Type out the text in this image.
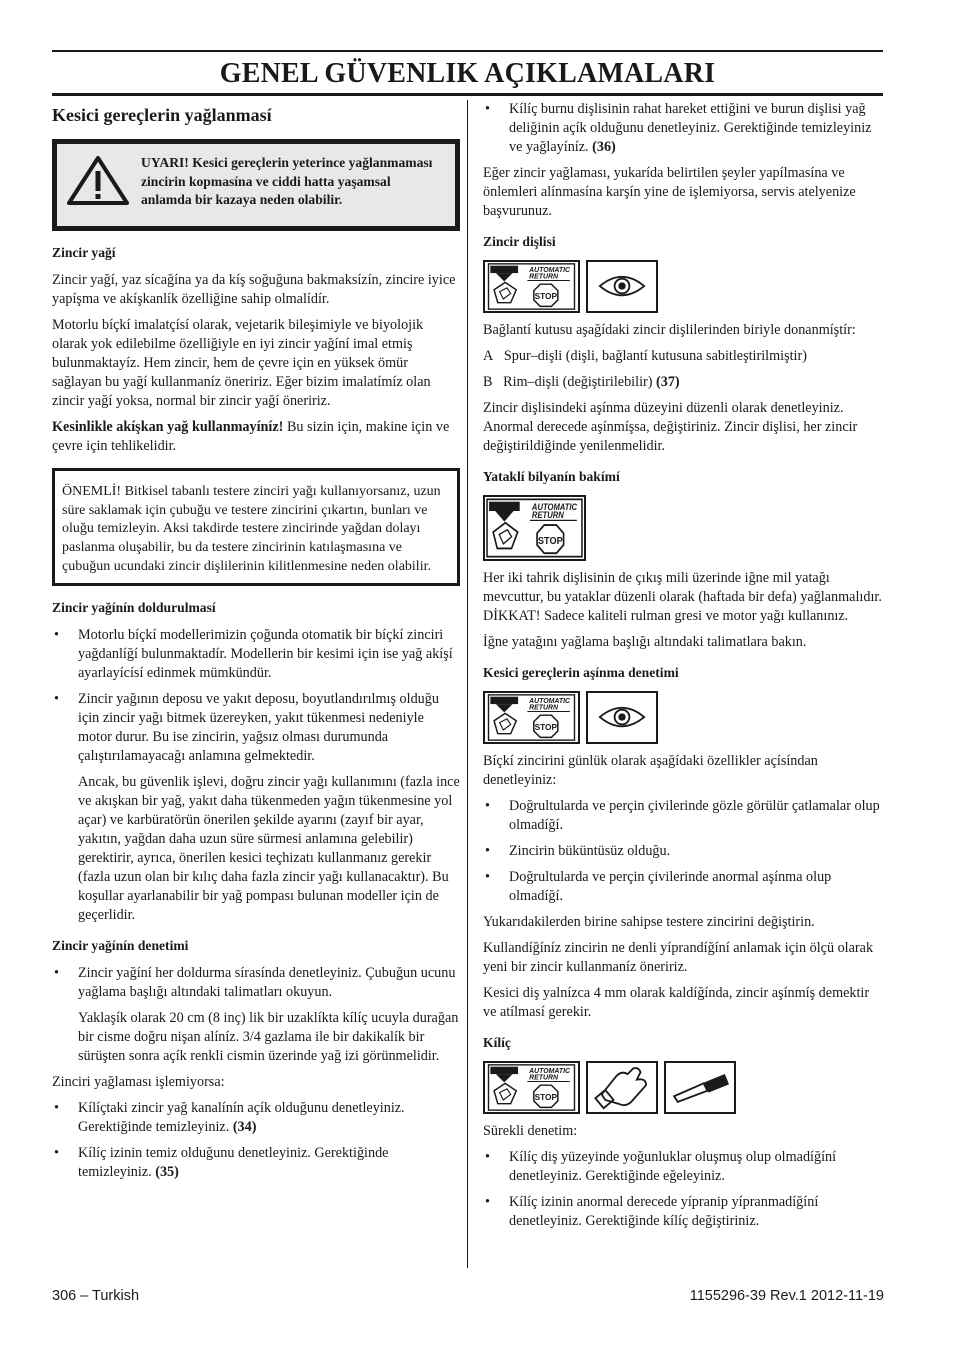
GENEL GÜVENLIK AÇIKLAMALARI
Kesici gereçlerin yağlanmasí
UYARI! Kesici gereçlerin yeterince yağlanmaması zincirin kopmasína ve ciddi hatta yaşamsal anlamda bir kazaya neden olabilir.
Zincir yağí

Zincir yağí, yaz sícağína ya da kíş soğuğuna bakmaksízín, zincire iyice yapíşma ve akíşkanlík özelliğine sahip olmalídír.

Motorlu bíçkí imalatçísí olarak, vejetarik bileşimiyle ve biyolojik olarak yok edilebilme özelliğiyle en iyi zincir yağíní imal etmiş bulunmaktayíz. Hem zincir, hem de çevre için en yüksek ömür sağlayan bu yağí kullanmaníz öneririz. Eğer bizim imalatímíz olan zincir yağí yoksa, normal bir zincir yağí öneririz.

Kesinlikle akíşkan yağ kullanmayíníz! Bu sizin için, makine için ve çevre için tehlikelidir.

ÖNEMLİ! Bitkisel tabanlı testere zinciri yağı kullanıyorsanız, uzun süre saklamak için çubuğu ve testere zincirini çıkartın, bunları ve oluğu temizleyin. Aksi takdirde testere zincirinde yağdan dolayı paslanma oluşabilir, bu da testere zincirinin katılaşmasına ve çubuğun ucundaki zincir dişlilerinin kilitlenmesine neden olabilir.
Zincir yağínín doldurulmasí
• Motorlu bíçkí modellerimizin çoğunda otomatik bir bíçkí zinciri yağdanlíğí bulunmaktadír. Modellerin bir kesimi için ise yağ akíşí ayarlayícísí edinmek mümkündür.
• Zincir yağının deposu ve yakıt deposu, boyutlandırılmış olduğu için zincir yağı bitmek üzereyken, yakıt tükenmesi nedeniyle motor durur. Bu ise zincirin, yağsız olması durumunda çalıştırılamayacağı anlamına gelmektedir.
Ancak, bu güvenlik işlevi, doğru zincir yağı kullanımını (fazla ince ve akışkan bir yağ, yakıt daha tükenmeden yağın tükenmesine yol açar) ve karbüratörün önerilen şekilde ayarını (zayıf bir ayar, yakıtın, yağdan daha uzun süre sürmesi anlamına gelebilir) gerektirir, ayrıca, önerilen kesici teçhizatı kullanmanız gerekir (fazla uzun olan bir kılıç daha fazla zincir yağı kullanacaktır). Bu koşullar ayarlanabilir bir yağ pompası bulunan modeller için de geçerlidir.
Zincir yağínín denetimi
• Zincir yağíní her doldurma sírasínda denetleyiniz. Çubuğun ucunu yağlama başlığı altındaki talimatları okuyun.
Yaklaşík olarak 20 cm (8 inç) lik bir uzaklíkta kílíç ucuyla durağan bir cisme doğru nişan alíníz. 3/4 gazlama ile bir dakikalík bir sürüşten sonra açík renkli cismin üzerinde yağ izi görünmelidir.

Zinciri yağlaması işlemiyorsa:

• Kílíçtaki zincir yağ kanalínín açík olduğunu denetleyiniz. Gerektiğinde temizleyiniz. (34)
• Kílíç izinin temiz olduğunu denetleyiniz. Gerektiğinde temizleyiniz. (35)
• Kílíç burnu dişlisinin rahat hareket ettiğini ve burun dişlisi yağ deliğinin açík olduğunu denetleyiniz. Gerektiğinde temizleyiniz ve yağlayíníz. (36)

Eğer zincir yağlaması, yukarída belirtilen şeyler yapílmasína ve önlemleri alínmasína karşín yine de işlemiyorsa, servis atelyenize başvurunuz.

Zincir dişlisi
AUTOMATIC
RETURN
STOP

Bağlantí kutusu aşağídaki zincir dişlilerinden biriyle donanmíştír:

A   Spur–dişli (dişli, bağlantí kutusuna sabitleştirilmiştir)

B   Rim–dişli (değiştirilebilir) (37)

Zincir dişlisindeki aşínma düzeyini düzenli olarak denetleyiniz. Anormal derecede aşínmíşsa, değiştiriniz. Zincir dişlisi, her zincir değiştirildiğinde yenilenmelidir.

Yataklí bilyanín bakímí
AUTOMATIC
RETURN
STOP

Her iki tahrik dişlisinin de çıkış mili üzerinde iğne mil yatağı mevcuttur, bu yataklar düzenli olarak (haftada bir defa) yağlanmalıdır. DİKKAT! Sadece kaliteli rulman gresi ve motor yağı kullanınız.

İğne yatağını yağlama başlığı altındaki talimatlara bakın.

Kesici gereçlerin aşínma denetimi
AUTOMATIC
RETURN
STOP

Bíçkí zincirini günlük olarak aşağídaki özellikler açísíndan denetleyiniz:

• Doğrultularda ve perçin çivilerinde gözle görülür çatlamalar olup olmadíğí.
• Zincirin büküntüsüz olduğu.
• Doğrultularda ve perçin çivilerinde anormal aşínma olup olmadíğí.

Yukarıdakilerden birine sahipse testere zincirini değiştirin.

Kullandíğíníz zincirin ne denli yíprandíğíní anlamak için ölçü olarak yeni bir zincir kullanmaníz öneririz.

Kesici diş yalnízca 4 mm olarak kaldíğínda, zincir aşínmíş demektir ve atílmasí gerekir.

Kílíç
AUTOMATIC
RETURN
STOP

Sürekli denetim:

• Kílíç diş yüzeyinde yoğunluklar oluşmuş olup olmadíğíní denetleyiniz. Gerektiğinde eğeleyiniz.
• Kílíç izinin anormal derecede yípranip yípranmadíğíní denetleyiniz. Gerektiğinde kílíç değiştiriniz.
306 – Turkish	1155296-39 Rev.1 2012-11-19
